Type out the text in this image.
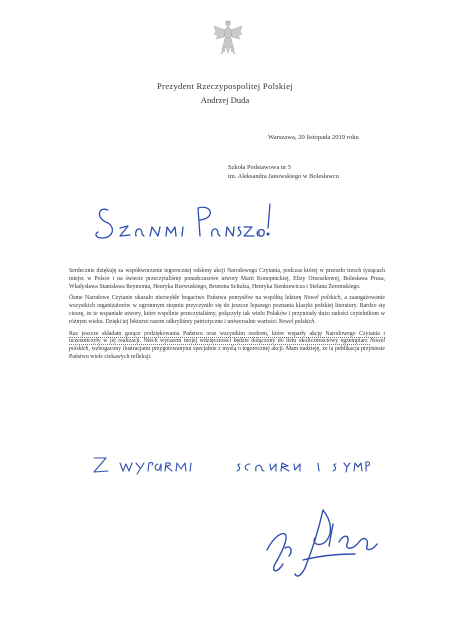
Prezydent Rzeczypospolitej Polskiej
Andrzej Duda
Warszawa, 20 listopada 2019 roku
Szkoła Podstawowa nr 5
im. Aleksandra Janowskiego w Bolesławcu

Serdecznie dziękuję za współtworzenie tegorocznej odsłony akcji Narodowego Czytania, podczas której w przeszło trzech tysiącach miejsc w Polsce i na świecie przeczytaliśmy ponadczasowe utwory Marii Konopnickiej, Elizy Orzeszkowej, Bolesława Prusa, Władysława Stanisława Reymonta, Henryka Rzewuskiego, Brunona Schulza, Henryka Sienkiewicza i Stefana Żeromskiego.

Ósme Narodowe Czytanie ukazało niezwykłe bogactwo Państwa pomysłów na wspólną lekturę Nowel polskich, a zaangażowanie wszystkich organizatorów w ogromnym stopniu przyczyniło się do jeszcze lepszego poznania klasyki polskiej literatury. Bardzo się cieszę, że te wspaniałe utwory, które wspólnie przeczytaliśmy, połączyły tak wielu Polaków i przyniosły dużo radości czytelnikom w różnym wieku. Dzięki tej lekturze razem odkryliśmy patriotyczne i uniwersalne wartości Nowel polskich.

Raz jeszcze składam gorące podziękowania Państwu oraz wszystkim osobom, które wsparły akcję Narodowego Czytania i uczestniczyły w jej realizacji. Niech wyrazem mojej wdzięczności będzie dołączony do listu okolicznościowy egzemplarz Nowel polskich, wzbogacony ilustracjami przygotowanymi specjalnie z myślą o tegorocznej akcji. Mam nadzieję, że ta publikacja przyniesie Państwu wiele ciekawych refleksji.
